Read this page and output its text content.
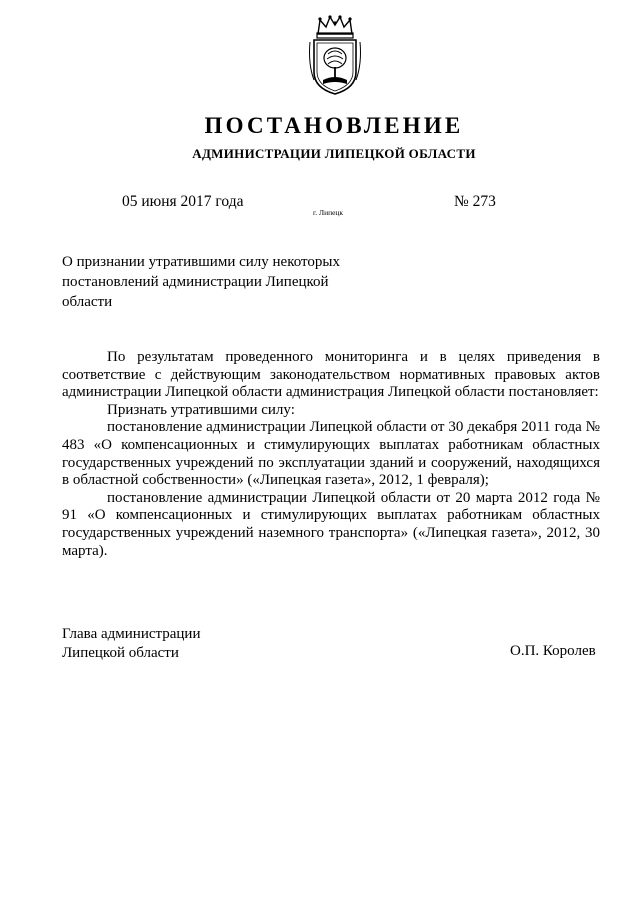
ПОСТАНОВЛЕНИЕ
АДМИНИСТРАЦИИ ЛИПЕЦКОЙ ОБЛАСТИ
05 июня 2017 года
г. Липецк
№ 273
О признании утратившими силу некоторых
постановлений администрации Липецкой
области

По результатам проведенного мониторинга и в целях приведения в соответствие с действующим законодательством нормативных правовых актов администрации Липецкой области администрация Липецкой области постановляет:

Признать утратившими силу:

постановление администрации Липецкой области от 30 декабря 2011 года № 483 «О компенсационных и стимулирующих выплатах работникам областных государственных учреждений по эксплуатации зданий и сооружений, находящихся в областной собственности» («Липецкая газета», 2012, 1 февраля);

постановление администрации Липецкой области от 20 марта 2012 года № 91 «О компенсационных и стимулирующих выплатах работникам областных государственных учреждений наземного транспорта» («Липецкая газета», 2012, 30 марта).

Глава администрации
Липецкой области	О.П. Королев
